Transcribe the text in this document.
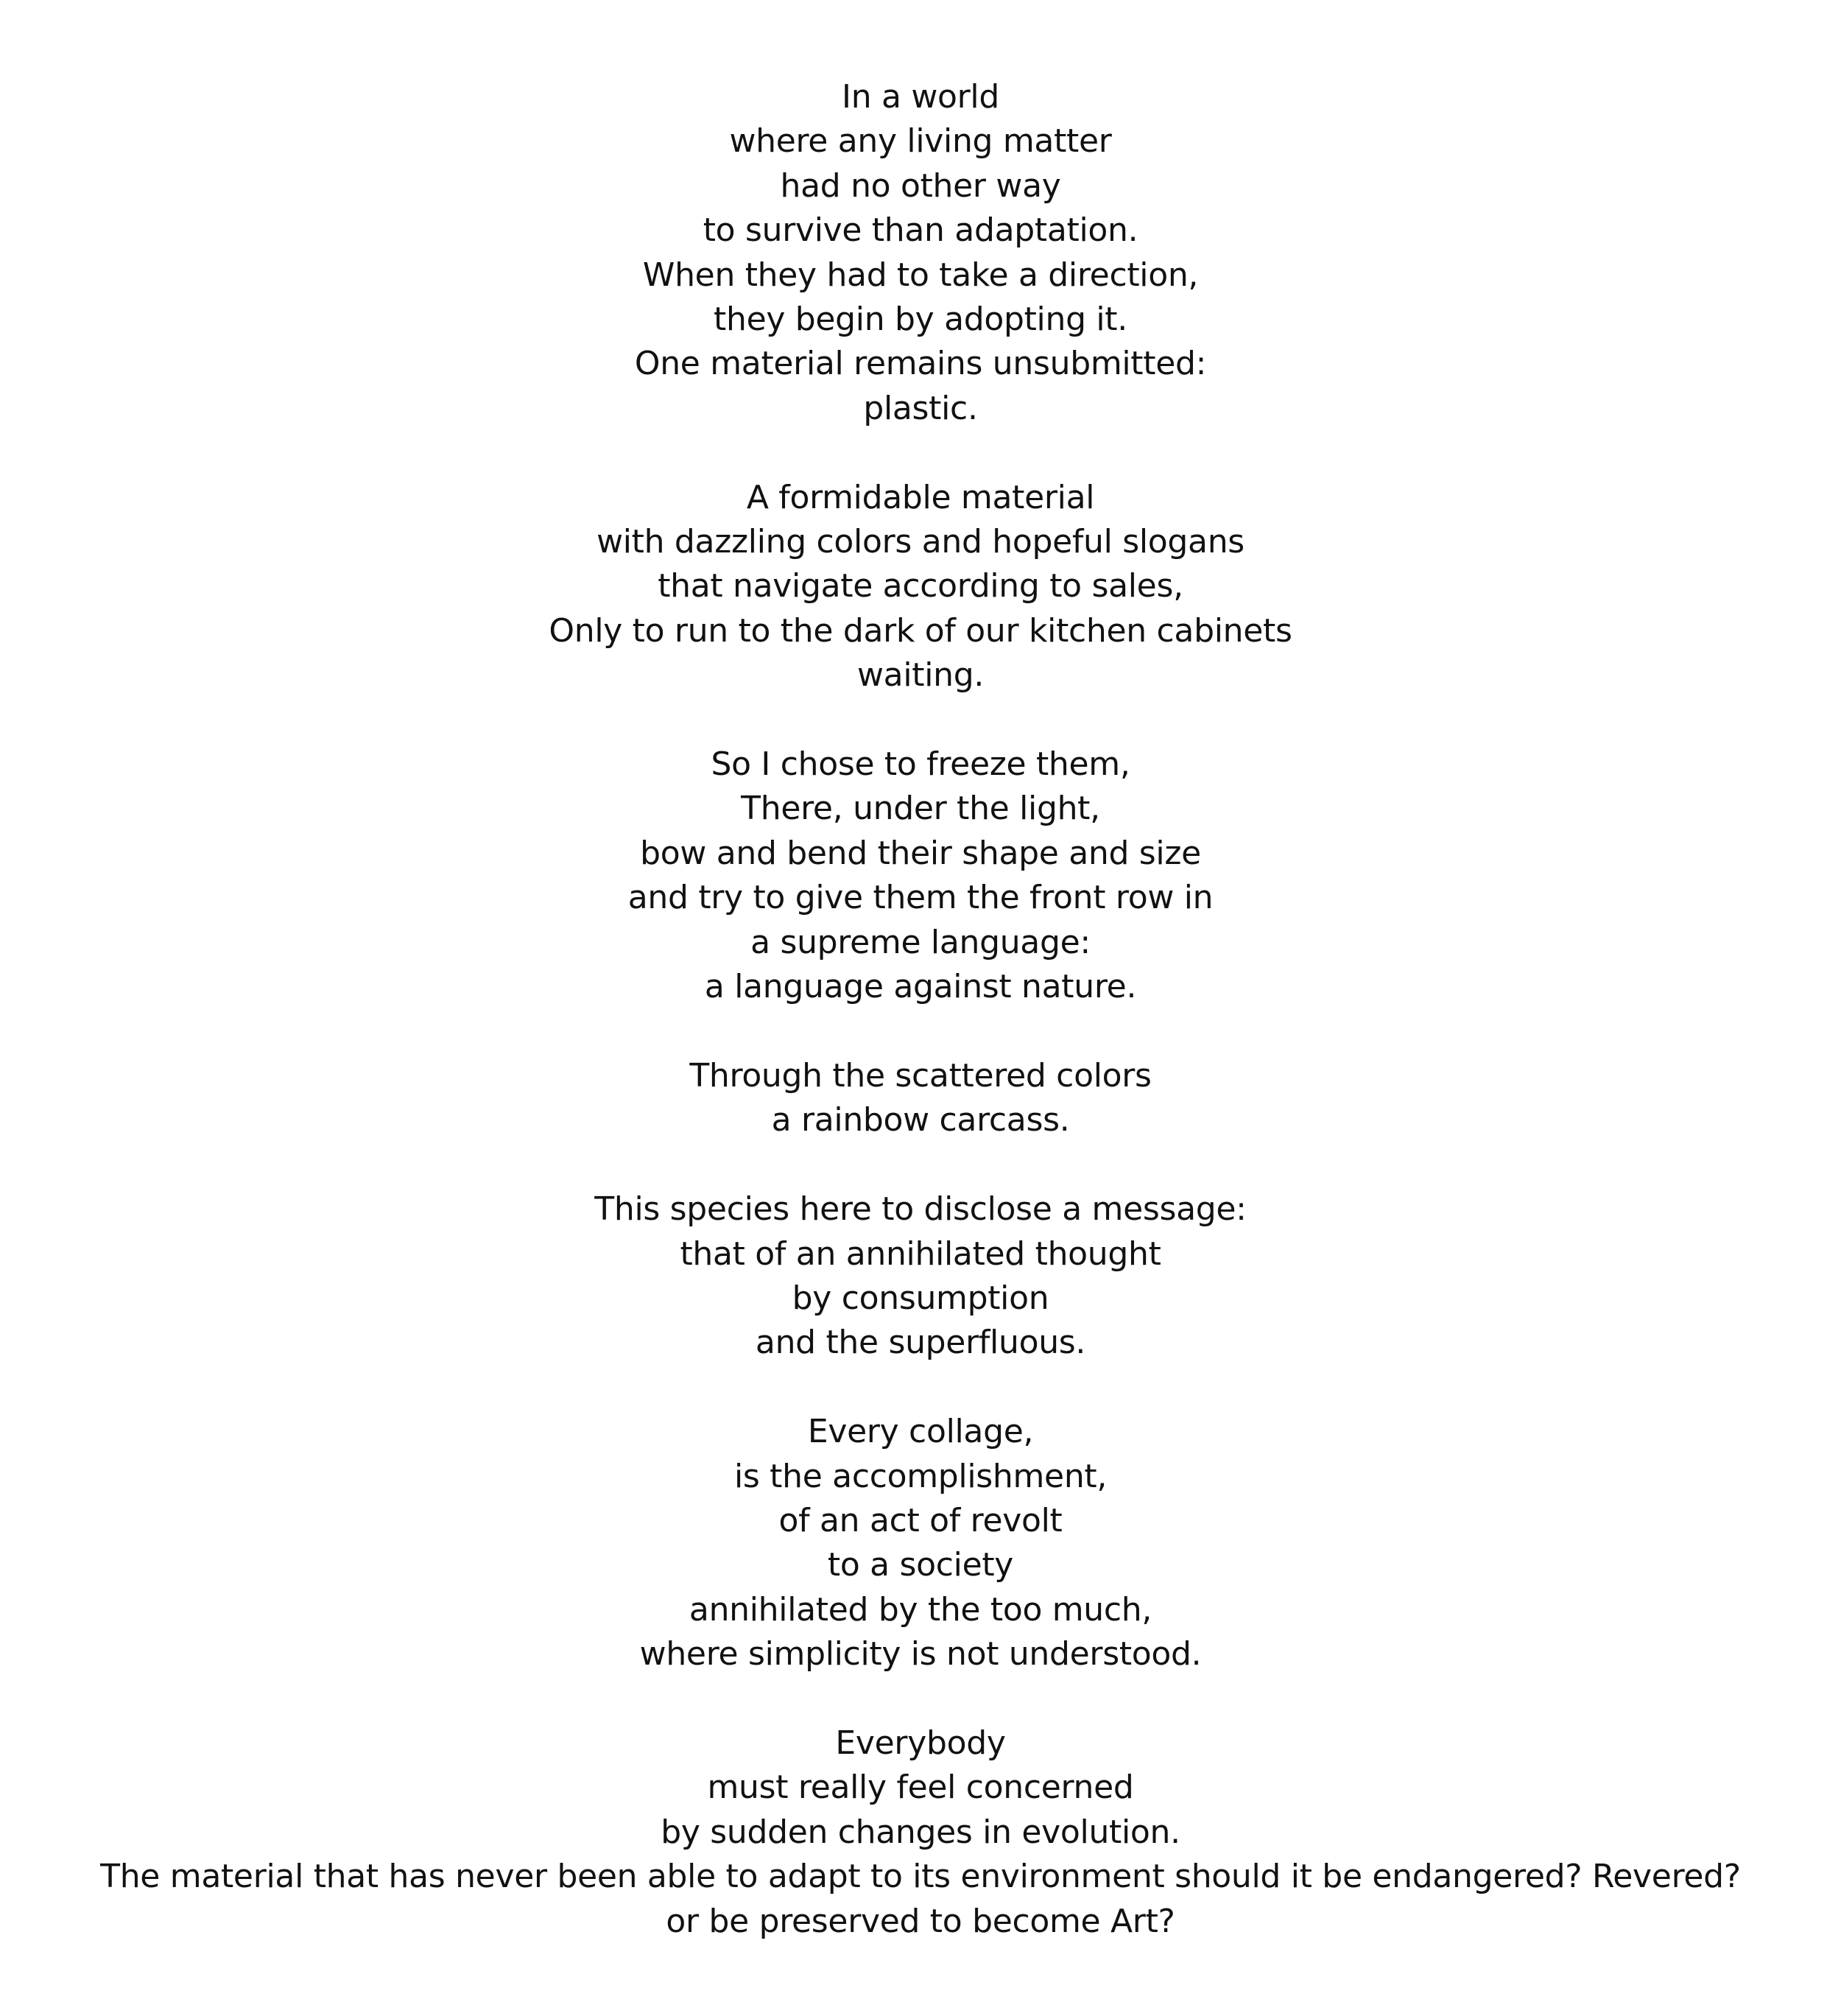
In a world
where any living matter
had no other way
to survive than adaptation.
When they had to take a direction,
they begin by adopting it.
One material remains unsubmitted:
plastic.
A formidable material
with dazzling colors and hopeful slogans
that navigate according to sales,
Only to run to the dark of our kitchen cabinets
waiting.
So I chose to freeze them,
There, under the light,
bow and bend their shape and size
and try to give them the front row in
a supreme language:
a language against nature.
Through the scattered colors
a rainbow carcass.
This species here to disclose a message:
that of an annihilated thought
by consumption
and the superfluous.
Every collage,
is the accomplishment,
of an act of revolt
to a society
annihilated by the too much,
where simplicity is not understood.
Everybody
must really feel concerned
by sudden changes in evolution.
The material that has never been able to adapt to its environment should it be endangered? Revered?
or be preserved to become Art?
